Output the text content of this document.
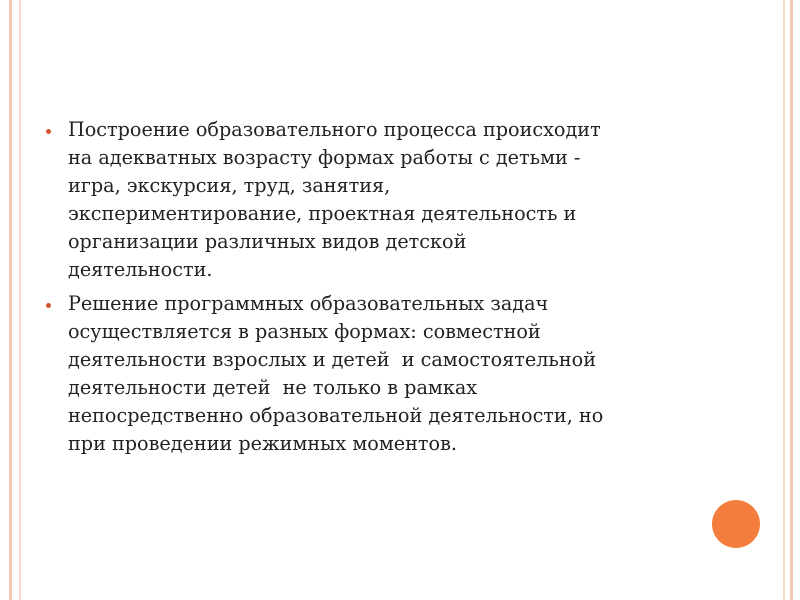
Построение образовательного процесса происходит
на адекватных возрасту формах работы с детьми -
игра, экскурсия, труд, занятия,
экспериментирование, проектная деятельность и
организации различных видов детской
деятельности.
Решение программных образовательных задач
осуществляется в разных формах: совместной
деятельности взрослых и детей  и самостоятельной
деятельности детей  не только в рамках
непосредственно образовательной деятельности, но
при проведении режимных моментов.
